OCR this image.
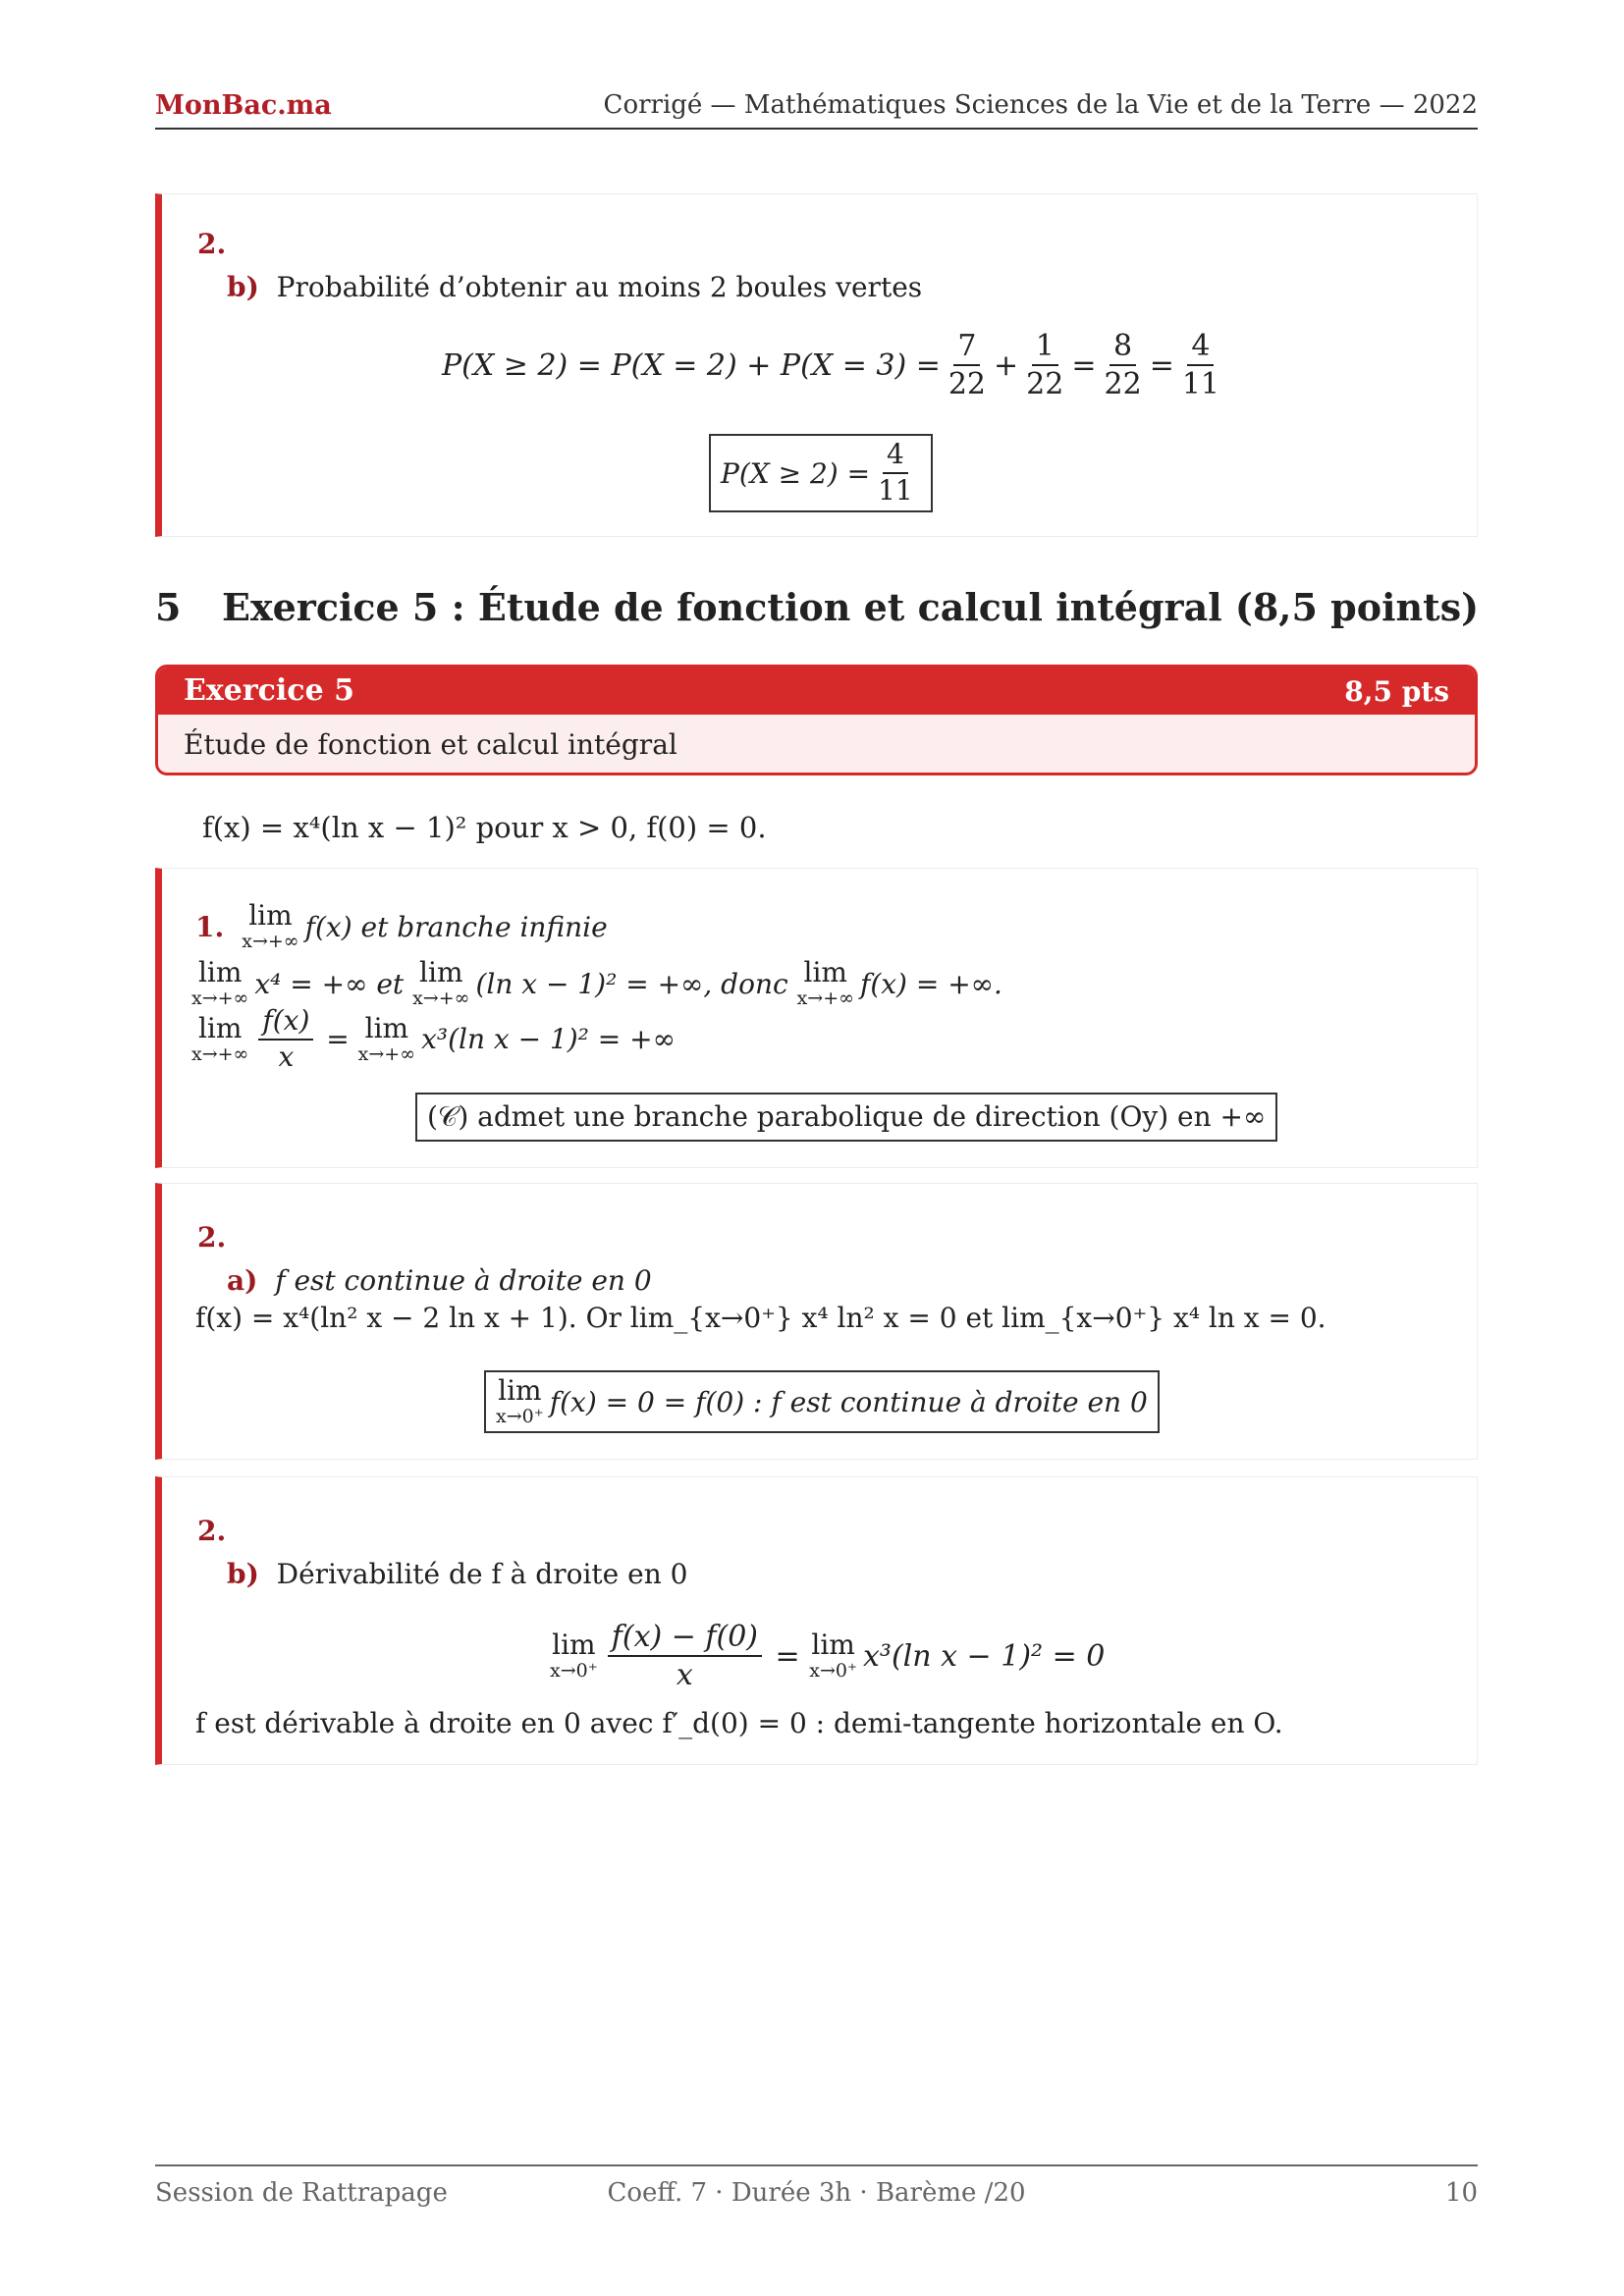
MonBac.ma	Corrigé — Mathématiques Sciences de la Vie et de la Terre — 2022
2.
b) Probabilité d’obtenir au moins 2 boules vertes
$P(X \ge 2) = P(X = 2) + P(X = 3) = \frac{7}{22} + \frac{1}{22} = \frac{8}{22} = \frac{4}{11}$
$P(X \ge 2) = \frac{4}{11}$
5 Exercice 5 : Étude de fonction et calcul intégral (8,5 points)
Exercice 5	8,5 pts
Étude de fonction et calcul intégral
f(x) = x⁴(ln x − 1)² pour x > 0, f(0) = 0.
1. lim
x→+∞ f(x) et branche infinie
lim
x→+∞ x⁴ = +∞ et
lim
x→+∞ (ln x − 1)² = +∞, donc
lim
x→+∞ f(x) = +∞.
lim
$x\to+\infty \frac{f(x)}{x} = \lim$
x→+∞ x³(ln x − 1)² = +∞
(𝒞) admet une branche parabolique de direction (Oy) en +∞
2.
a) f est continue à droite en 0
f(x) = x⁴(ln² x − 2 ln x + 1). Or lim_{x→0⁺} x⁴ ln² x = 0 et lim_{x→0⁺} x⁴ ln x = 0.
lim
x→0⁺ f(x) = 0 = f(0) : f est continue à droite en 0
2.
b) Dérivabilité de f à droite en 0
lim
$x\to 0^+ \frac{f(x) - f(0)}{x} = \lim$
x→0⁺ x³(ln x − 1)² = 0
f est dérivable à droite en 0 avec f′_d(0) = 0 : demi-tangente horizontale en O.
Session de Rattrapage	Coeff. 7 · Durée 3h · Barème /20	10
